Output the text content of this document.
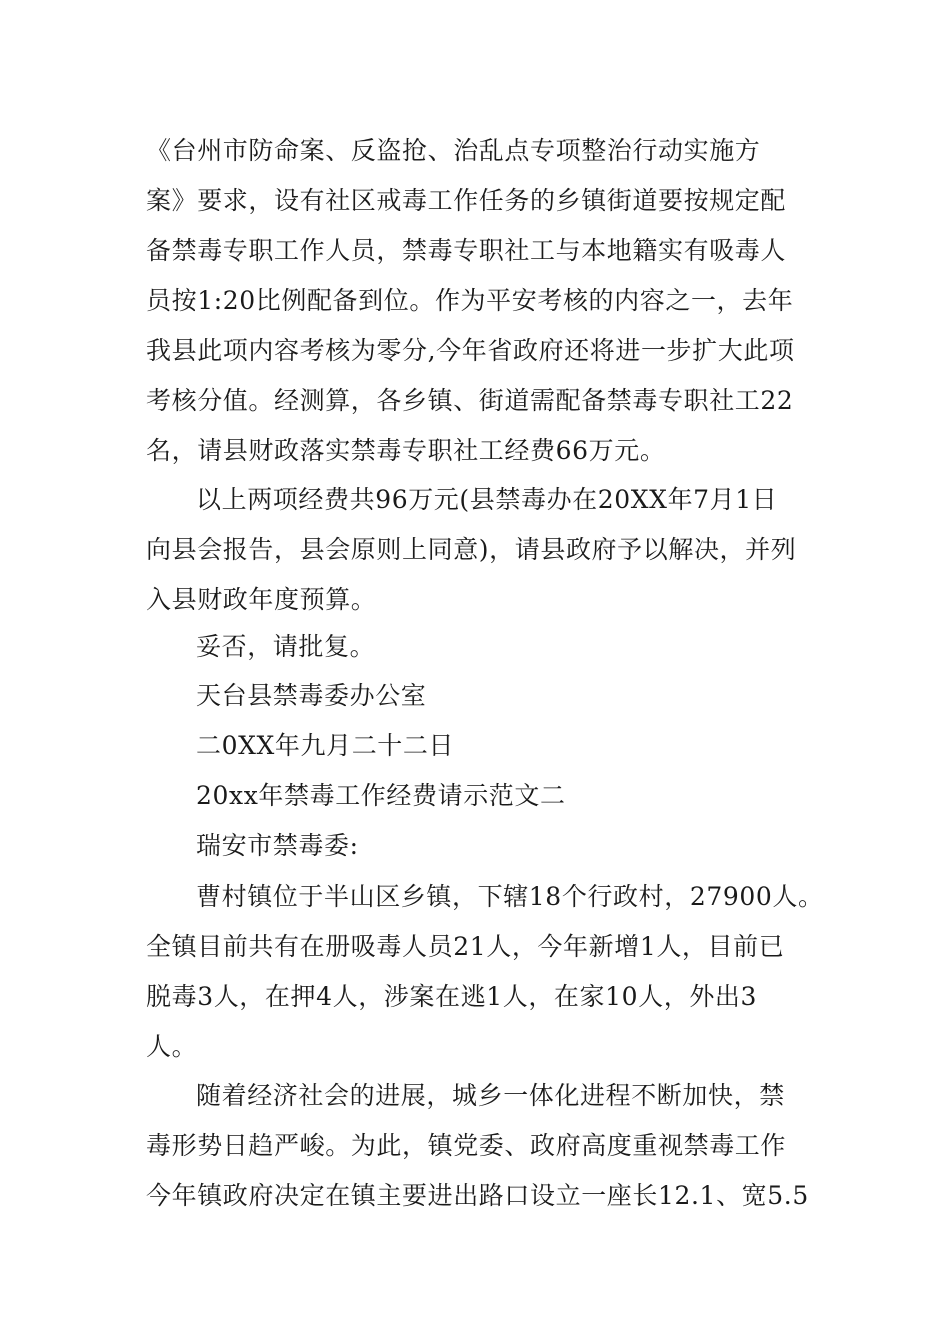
《台州市防命案、反盗抢、治乱点专项整治行动实施方
案》要求，设有社区戒毒工作任务的乡镇街道要按规定配
备禁毒专职工作人员，禁毒专职社工与本地籍实有吸毒人
员按1:20比例配备到位。作为平安考核的内容之一，去年
我县此项内容考核为零分,今年省政府还将进一步扩大此项
考核分值。经测算，各乡镇、街道需配备禁毒专职社工22
名，请县财政落实禁毒专职社工经费66万元。
以上两项经费共96万元(县禁毒办在20XX年7月1日
向县会报告，县会原则上同意)，请县政府予以解决，并列
入县财政年度预算。
妥否，请批复。
天台县禁毒委办公室
二0XX年九月二十二日
20xx年禁毒工作经费请示范文二
瑞安市禁毒委:
曹村镇位于半山区乡镇，下辖18个行政村，27900人。
全镇目前共有在册吸毒人员21人，今年新增1人，目前已
脱毒3人，在押4人，涉案在逃1人，在家10人，外出3
人。
随着经济社会的进展，城乡一体化进程不断加快，禁
毒形势日趋严峻。为此，镇党委、政府高度重视禁毒工作
今年镇政府决定在镇主要进出路口设立一座长12.1、宽5.5
